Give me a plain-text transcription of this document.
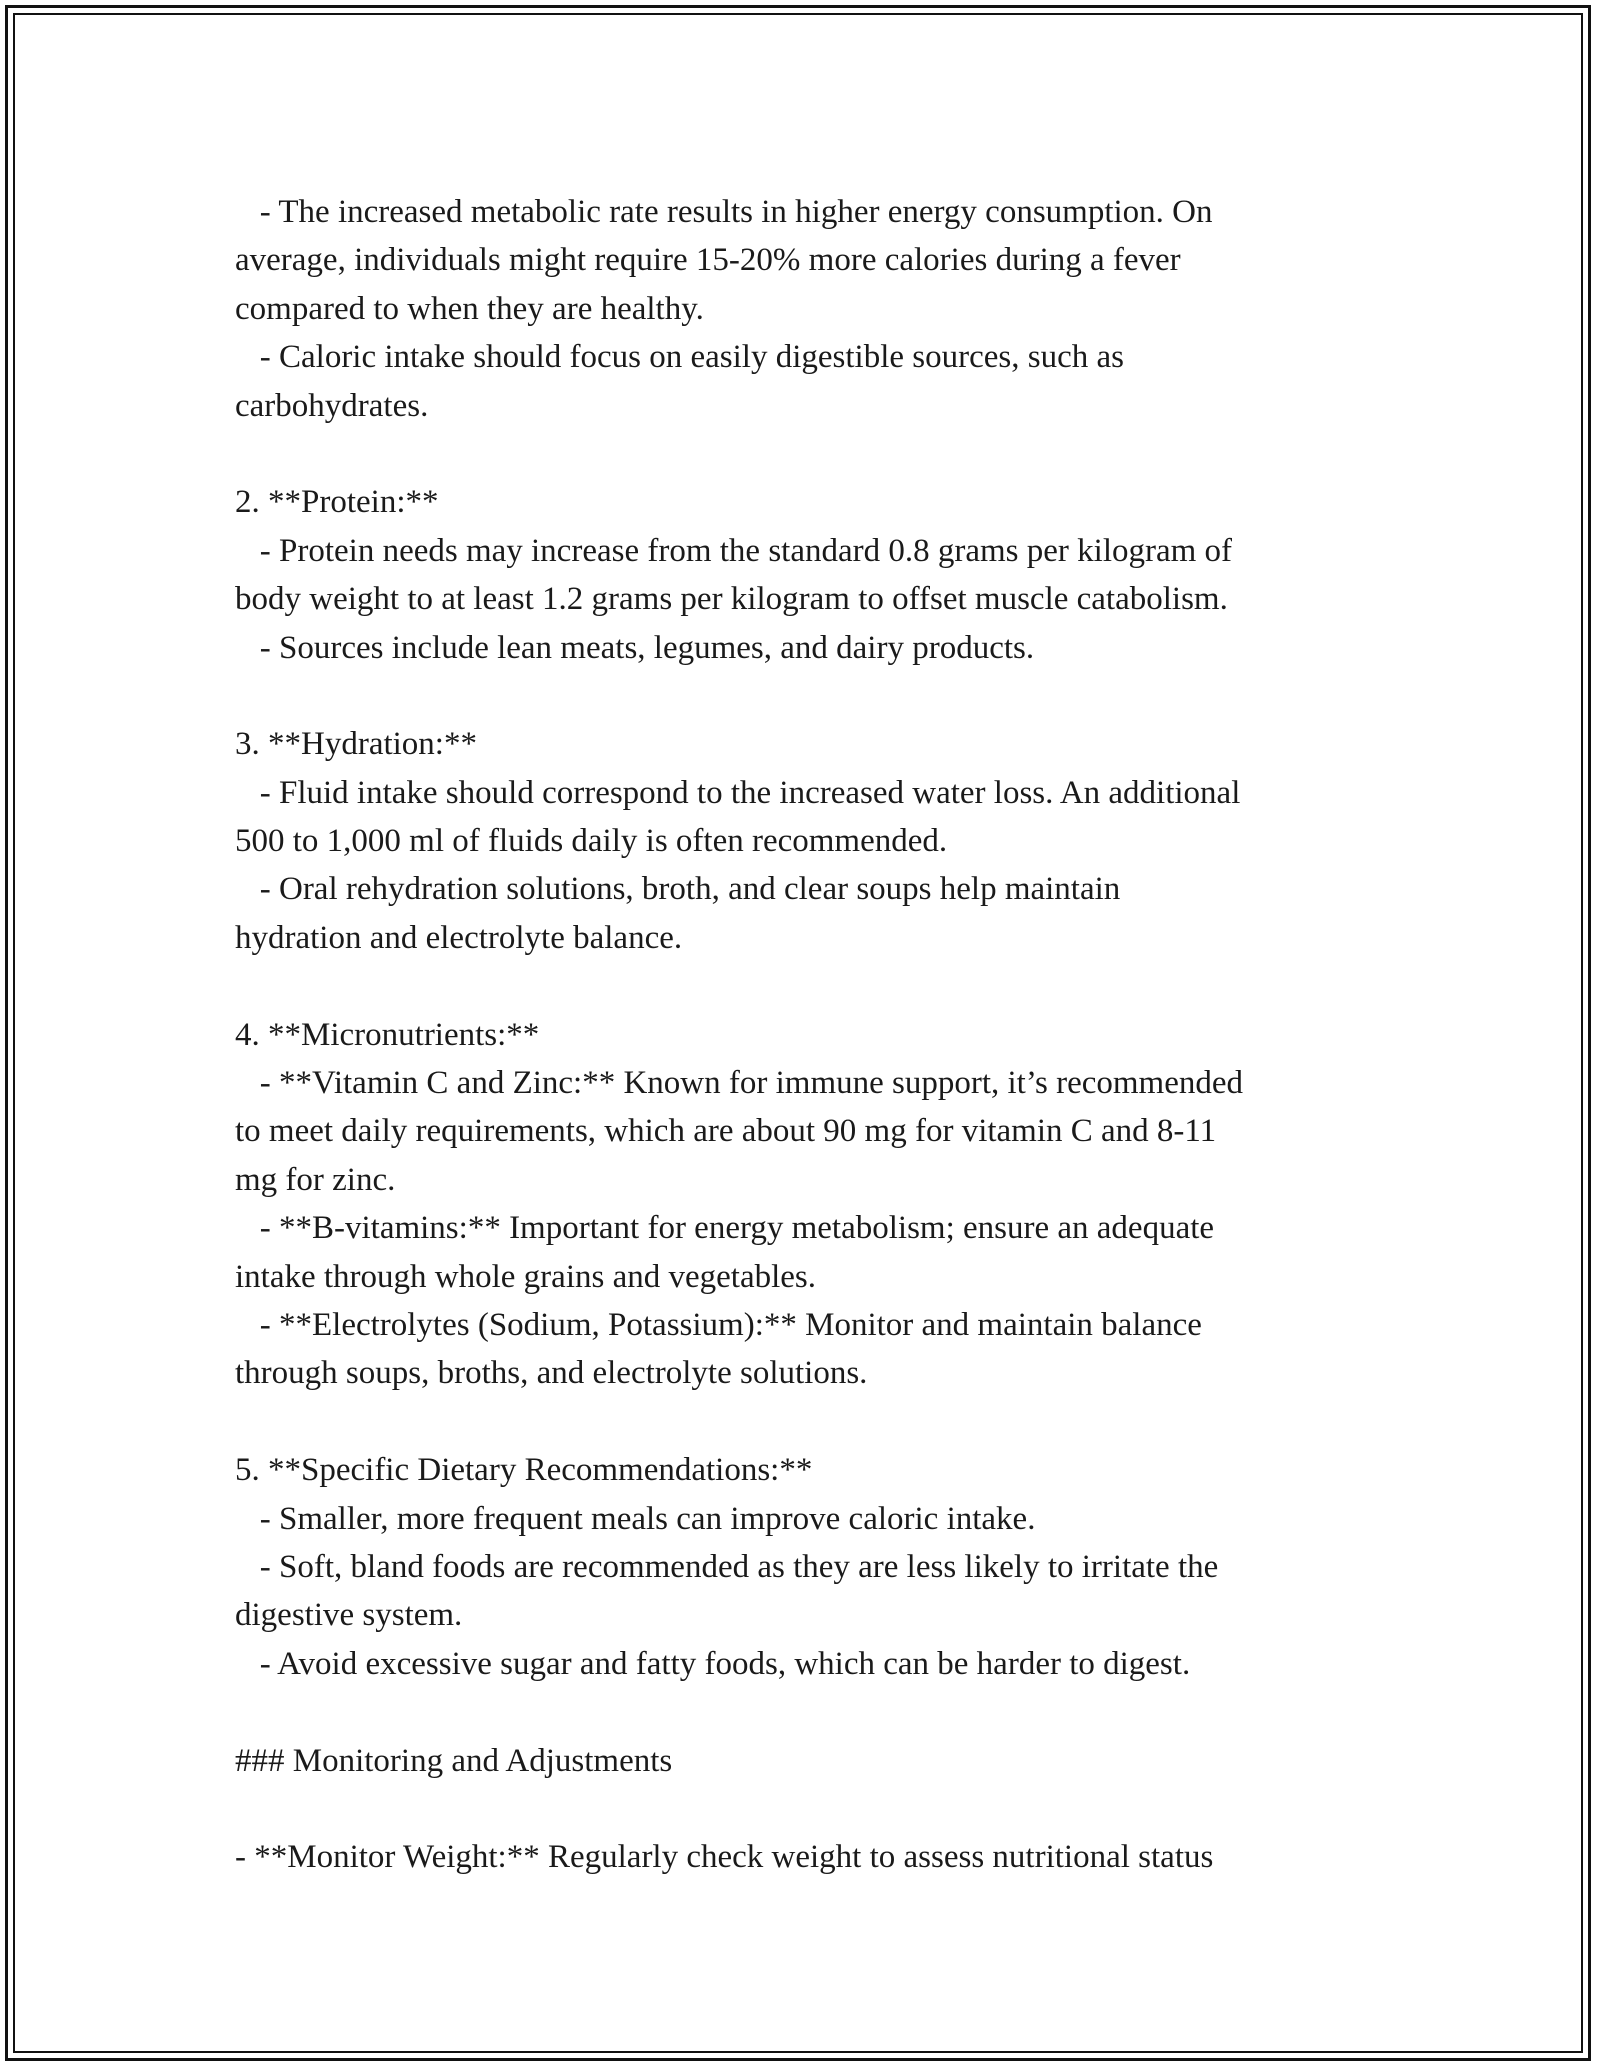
- The increased metabolic rate results in higher energy consumption. On

average, individuals might require 15-20% more calories during a fever

compared to when they are healthy.

- Caloric intake should focus on easily digestible sources, such as

carbohydrates.

2. **Protein:**

- Protein needs may increase from the standard 0.8 grams per kilogram of

body weight to at least 1.2 grams per kilogram to offset muscle catabolism.

- Sources include lean meats, legumes, and dairy products.

3. **Hydration:**

- Fluid intake should correspond to the increased water loss. An additional

500 to 1,000 ml of fluids daily is often recommended.

- Oral rehydration solutions, broth, and clear soups help maintain

hydration and electrolyte balance.

4. **Micronutrients:**

- **Vitamin C and Zinc:** Known for immune support, it’s recommended

to meet daily requirements, which are about 90 mg for vitamin C and 8-11

mg for zinc.

- **B-vitamins:** Important for energy metabolism; ensure an adequate

intake through whole grains and vegetables.

- **Electrolytes (Sodium, Potassium):** Monitor and maintain balance

through soups, broths, and electrolyte solutions.

5. **Specific Dietary Recommendations:**

- Smaller, more frequent meals can improve caloric intake.

- Soft, bland foods are recommended as they are less likely to irritate the

digestive system.

- Avoid excessive sugar and fatty foods, which can be harder to digest.

### Monitoring and Adjustments

- **Monitor Weight:** Regularly check weight to assess nutritional status
